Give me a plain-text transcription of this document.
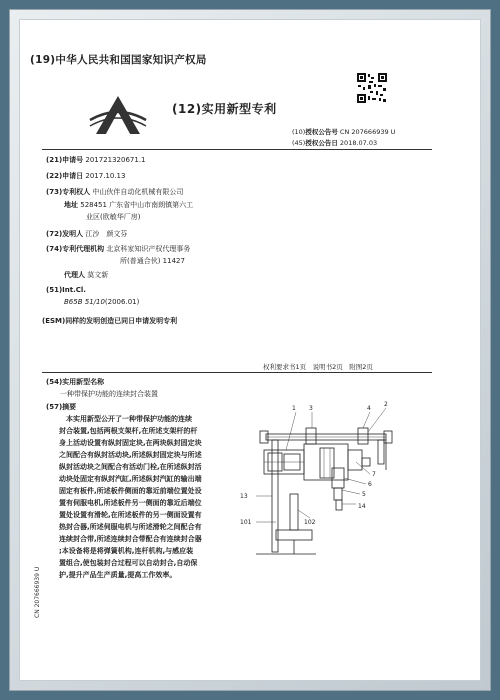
(19)中华人民共和国国家知识产权局
(12)实用新型专利
(10)授权公告号 CN 207666939 U
(45)授权公告日 2018.07.03
(21)申请号 201721320671.1
(22)申请日 2017.10.13
(73)专利权人 中山伙伴自动化机械有限公司
地址 528451 广东省中山市南朗镇第六工
业区(欧敏华厂房)
(72)发明人 江沙　颜文芬
(74)专利代理机构 北京科家知识产权代理事务
所(普通合伙) 11427
代理人 莫文新
(51)Int.Cl.
B65B 51/10(2006.01)
(ESM)同样的发明创造已同日申请发明专利
权利要求书1页　说明书2页　附图2页
(54)实用新型名称
一种带保护功能的连续封合装置
(57)摘要
本实用新型公开了一种带保护功能的连续
封合装置,包括两根支架杆,在所述支架杆的杆
身上活动设置有纵封固定块,在两块纵封固定块
之间配合有纵封活动块,所述纵封固定块与所述
纵封活动块之间配合有活动门栓,在所述纵封活
动块处固定有纵封汽缸,所述纵封汽缸的输出端
固定有板件,所述板件侧面的靠近前端位置处设
置有伺服电机,所述板件另一侧面的靠近后端位
置处设置有滑轮,在所述板件的另一侧面设置有
热封合器,所述伺服电机与所述滑轮之间配合有
连续封合带,所述连续封合带配合有连续封合器
;本设备将是将弹簧机构,连杆机构,与感应装
置组合,使包装封合过程可以自动封合,自动保
护,提升产品生产质量,提高工作效率。
1 3
2
4
13
101
7
6
5
14
102
CN 207666939 U
